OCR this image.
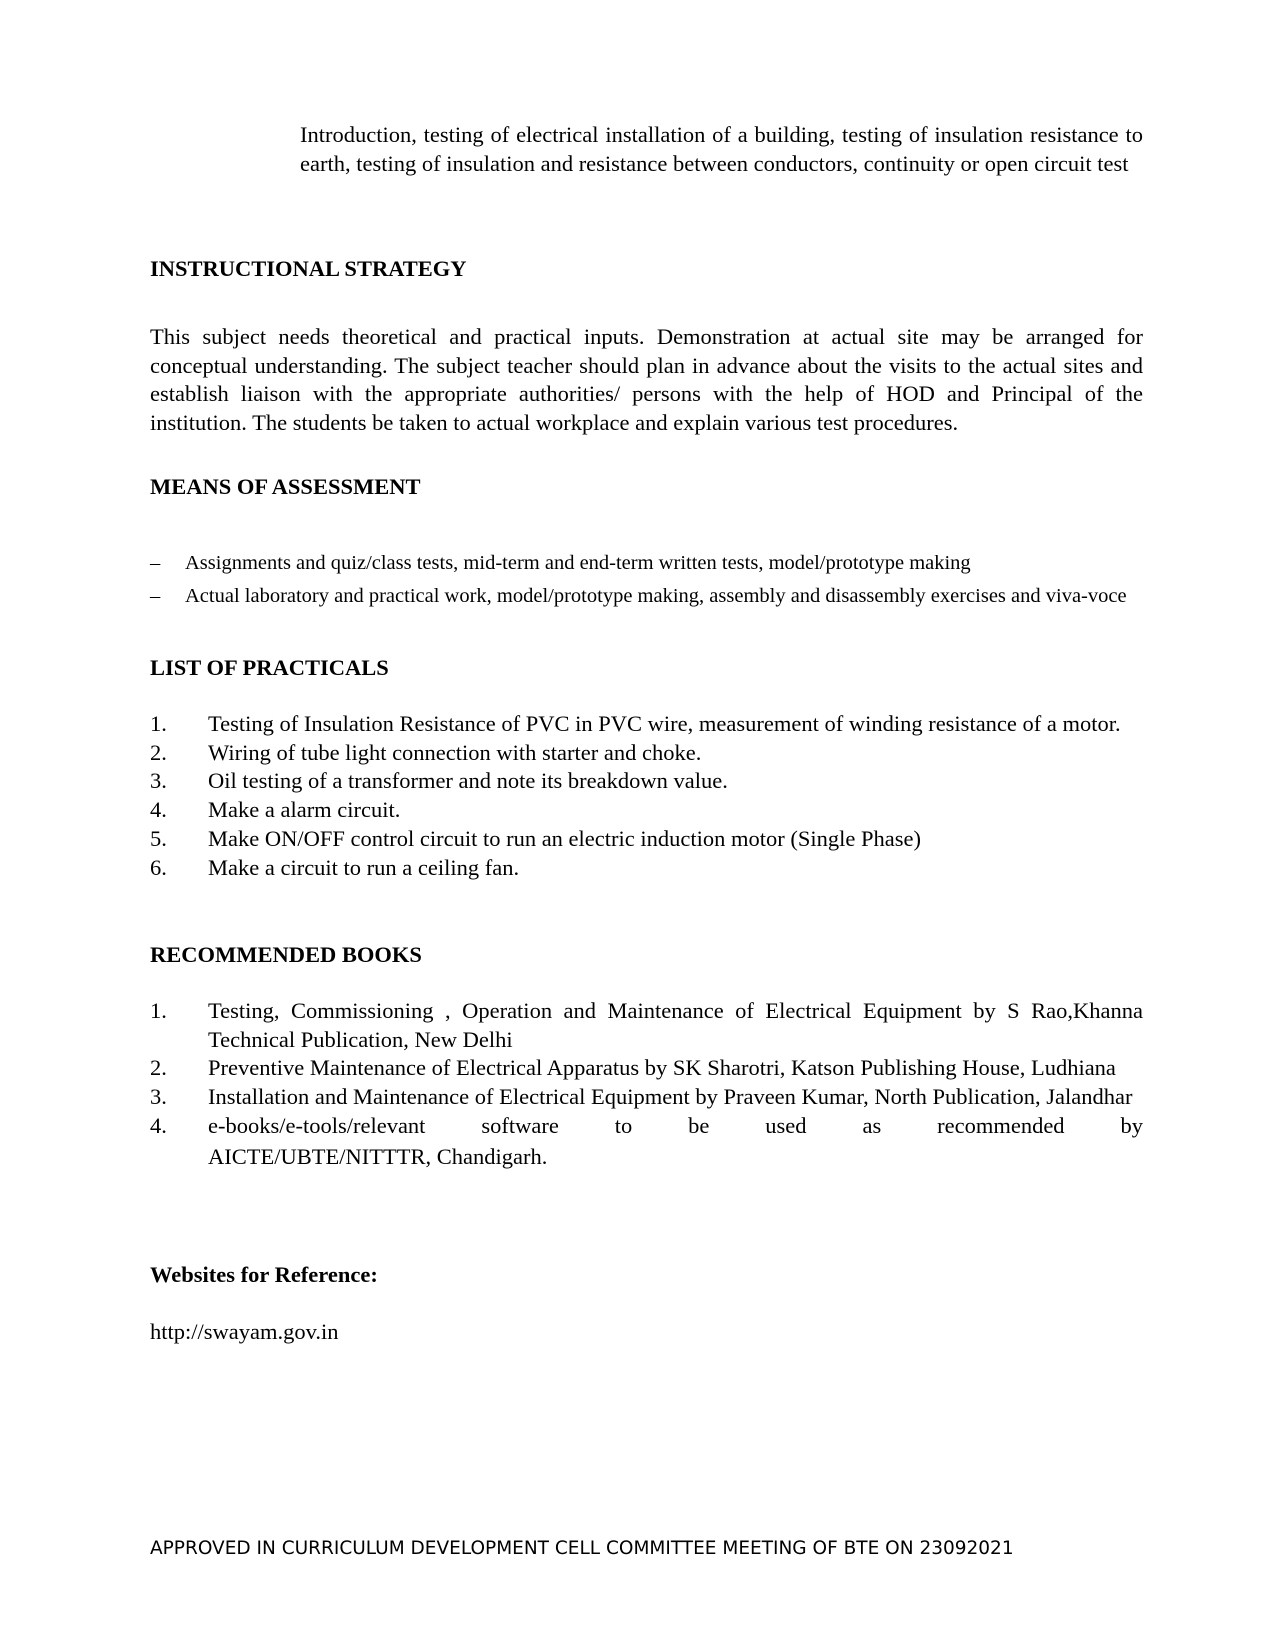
Introduction, testing of electrical installation of a building, testing of insulation resistance to earth, testing of insulation and resistance between conductors, continuity or open circuit test

INSTRUCTIONAL STRATEGY

This subject needs theoretical and practical inputs. Demonstration at actual site may be arranged for conceptual understanding. The subject teacher should plan in advance about the visits to the actual sites and establish liaison with the appropriate authorities/ persons with the help of HOD and Principal of the institution. The students be taken to actual workplace and explain various test procedures.

MEANS OF ASSESSMENT
– Assignments and quiz/class tests, mid-term and end-term written tests, model/prototype making
– Actual laboratory and practical work, model/prototype making, assembly and disassembly exercises and viva-voce
LIST OF PRACTICALS
1. Testing of Insulation Resistance of PVC in PVC wire, measurement of winding resistance of a motor.
2. Wiring of tube light connection with starter and choke.
3. Oil testing of a transformer and note its breakdown value.
4. Make a alarm circuit.
5. Make ON/OFF control circuit to run an electric induction motor (Single Phase)
6. Make a circuit to run a ceiling fan.
RECOMMENDED BOOKS
1. Testing, Commissioning , Operation and Maintenance of Electrical Equipment by S Rao,Khanna Technical Publication, New Delhi
2. Preventive Maintenance of Electrical Apparatus by SK Sharotri, Katson Publishing House, Ludhiana
3. Installation and Maintenance of Electrical Equipment by Praveen Kumar, North Publication, Jalandhar
4. e-books/e-tools/relevant software to be used as recommended by
AICTE/UBTE/NITTTR, Chandigarh.
Websites for Reference:

http://swayam.gov.in

APPROVED IN CURRICULUM DEVELOPMENT CELL COMMITTEE MEETING OF BTE ON 23092021
